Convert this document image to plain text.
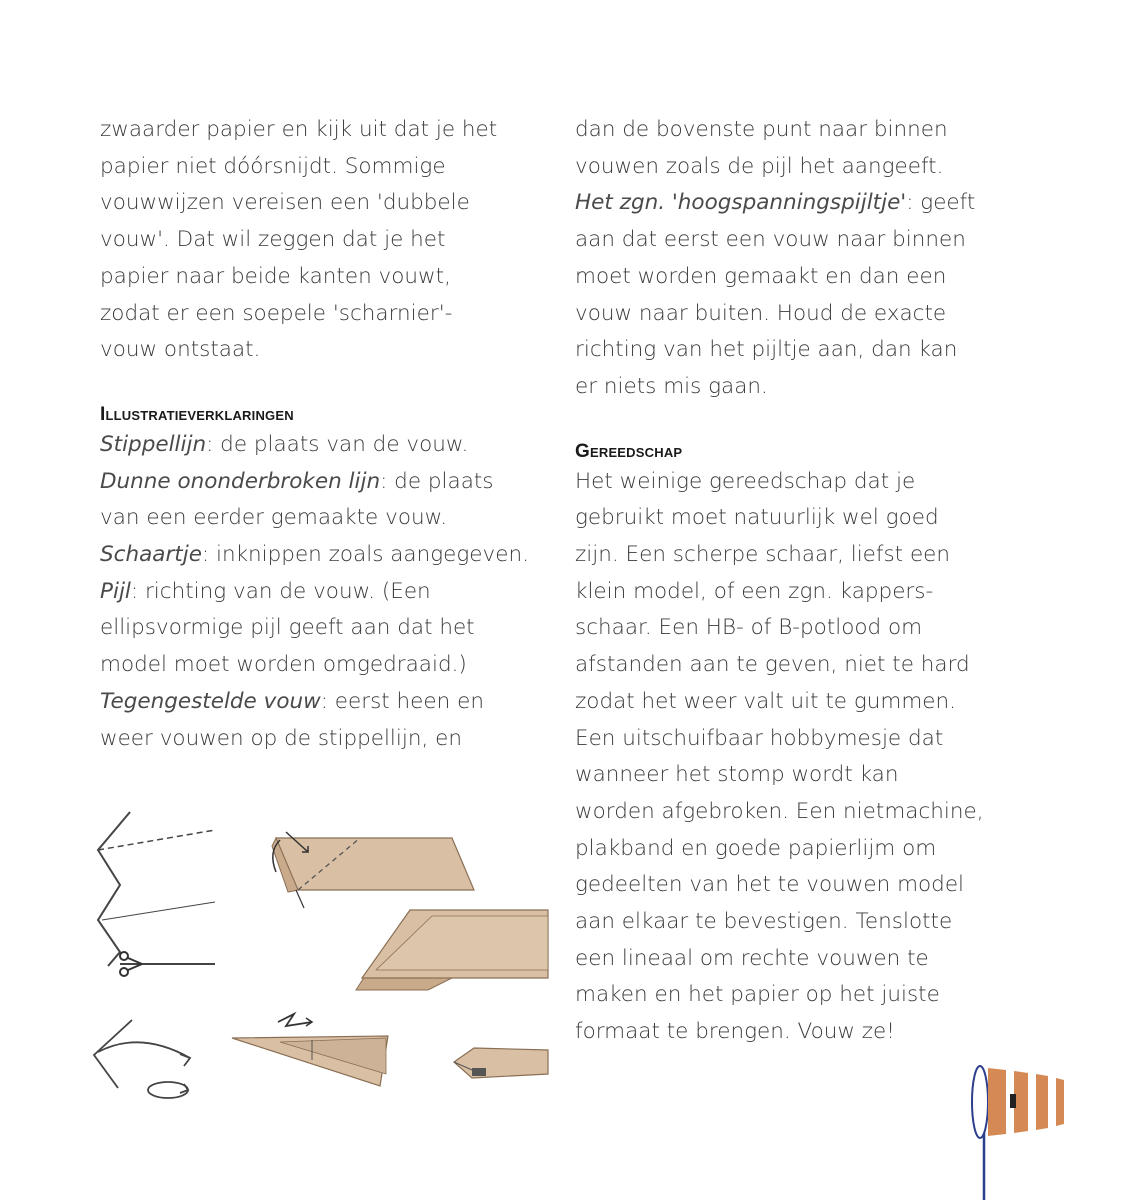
zwaarder papier en kijk uit dat je het
papier niet dóórsnijdt. Sommige
vouwwijzen vereisen een 'dubbele
vouw'. Dat wil zeggen dat je het
papier naar beide kanten vouwt,
zodat er een soepele 'scharnier'-
vouw ontstaat.

Illustratieverklaringen

Stippellijn: de plaats van de vouw.
Dunne ononderbroken lijn: de plaats
van een eerder gemaakte vouw.
Schaartje: inknippen zoals aangegeven.
Pijl: richting van de vouw. (Een
ellipsvormige pijl geeft aan dat het
model moet worden omgedraaid.)
Tegengestelde vouw: eerst heen en
weer vouwen op de stippellijn, en

dan de bovenste punt naar binnen
vouwen zoals de pijl het aangeeft.
Het zgn. 'hoogspanningspijltje': geeft
aan dat eerst een vouw naar binnen
moet worden gemaakt en dan een
vouw naar buiten. Houd de exacte
richting van het pijltje aan, dan kan
er niets mis gaan.

Gereedschap

Het weinige gereedschap dat je
gebruikt moet natuurlijk wel goed
zijn. Een scherpe schaar, liefst een
klein model, of een zgn. kappers-
schaar. Een HB- of B-potlood om
afstanden aan te geven, niet te hard
zodat het weer valt uit te gummen.
Een uitschuifbaar hobbymesje dat
wanneer het stomp wordt kan
worden afgebroken. Een nietmachine,
plakband en goede papierlijm om
gedeelten van het te vouwen model
aan elkaar te bevestigen. Tenslotte
een lineaal om rechte vouwen te
maken en het papier op het juiste
formaat te brengen. Vouw ze!
